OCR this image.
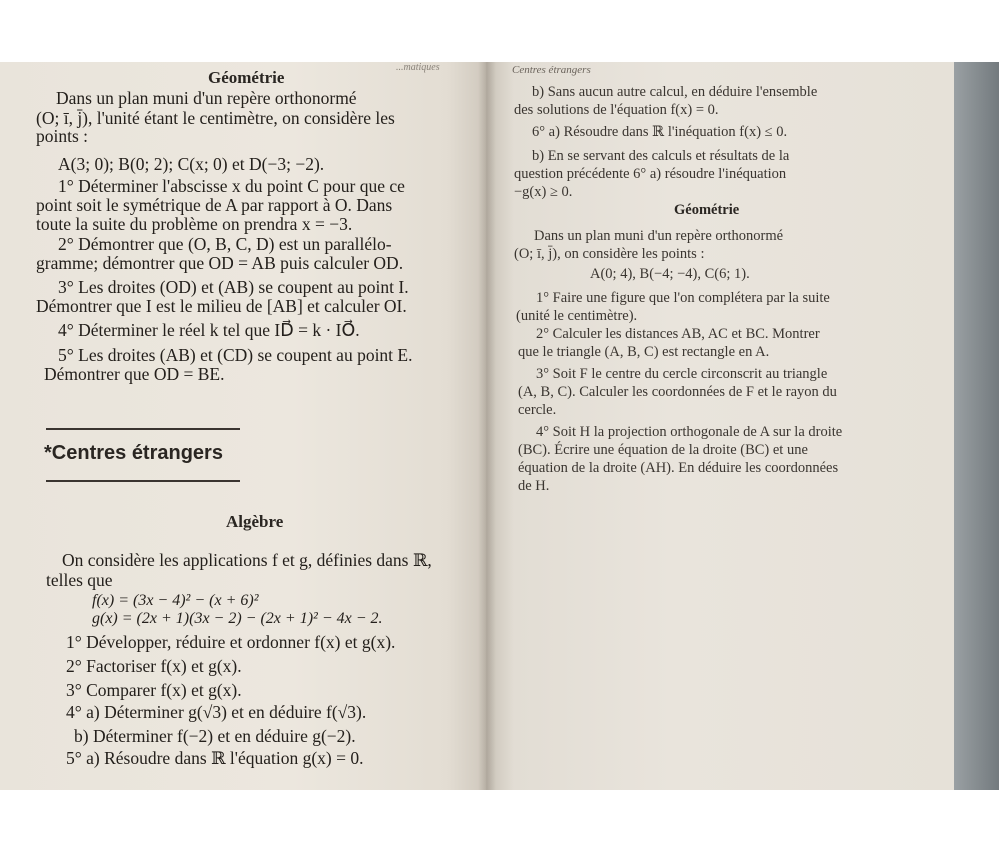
...matiques
Géométrie
Dans un plan muni d'un repère orthonormé
(O; ī, j̄), l'unité étant le centimètre, on considère les
points :
A(3; 0); B(0; 2); C(x; 0) et D(−3; −2).
1° Déterminer l'abscisse x du point C pour que ce
point soit le symétrique de A par rapport à O. Dans
toute la suite du problème on prendra x = −3.
2° Démontrer que (O, B, C, D) est un parallélo-
gramme; démontrer que OD = AB puis calculer OD.
3° Les droites (OD) et (AB) se coupent au point I.
Démontrer que I est le milieu de [AB] et calculer OI.
4° Déterminer le réel k tel que ID⃗ = k · IO⃗.
5° Les droites (AB) et (CD) se coupent au point E.
Démontrer que OD = BE.
*Centres étrangers
Algèbre
On considère les applications f et g, définies dans ℝ,
telles que
f(x) = (3x − 4)² − (x + 6)²
g(x) = (2x + 1)(3x − 2) − (2x + 1)² − 4x − 2.
1° Développer, réduire et ordonner f(x) et g(x).
2° Factoriser f(x) et g(x).
3° Comparer f(x) et g(x).
4° a) Déterminer g(√3) et en déduire f(√3).
b) Déterminer f(−2) et en déduire g(−2).
5° a) Résoudre dans ℝ l'équation g(x) = 0.
Centres étrangers
b) Sans aucun autre calcul, en déduire l'ensemble
des solutions de l'équation f(x) = 0.
6° a) Résoudre dans ℝ l'inéquation f(x) ≤ 0.
b) En se servant des calculs et résultats de la
question précédente 6° a) résoudre l'inéquation
−g(x) ≥ 0.
Géométrie
Dans un plan muni d'un repère orthonormé
(O; ī, j̄), on considère les points :
A(0; 4), B(−4; −4), C(6; 1).
1° Faire une figure que l'on complétera par la suite
(unité le centimètre).
2° Calculer les distances AB, AC et BC. Montrer
que le triangle (A, B, C) est rectangle en A.
3° Soit F le centre du cercle circonscrit au triangle
(A, B, C). Calculer les coordonnées de F et le rayon du
cercle.
4° Soit H la projection orthogonale de A sur la droite
(BC). Écrire une équation de la droite (BC) et une
équation de la droite (AH). En déduire les coordonnées
de H.
